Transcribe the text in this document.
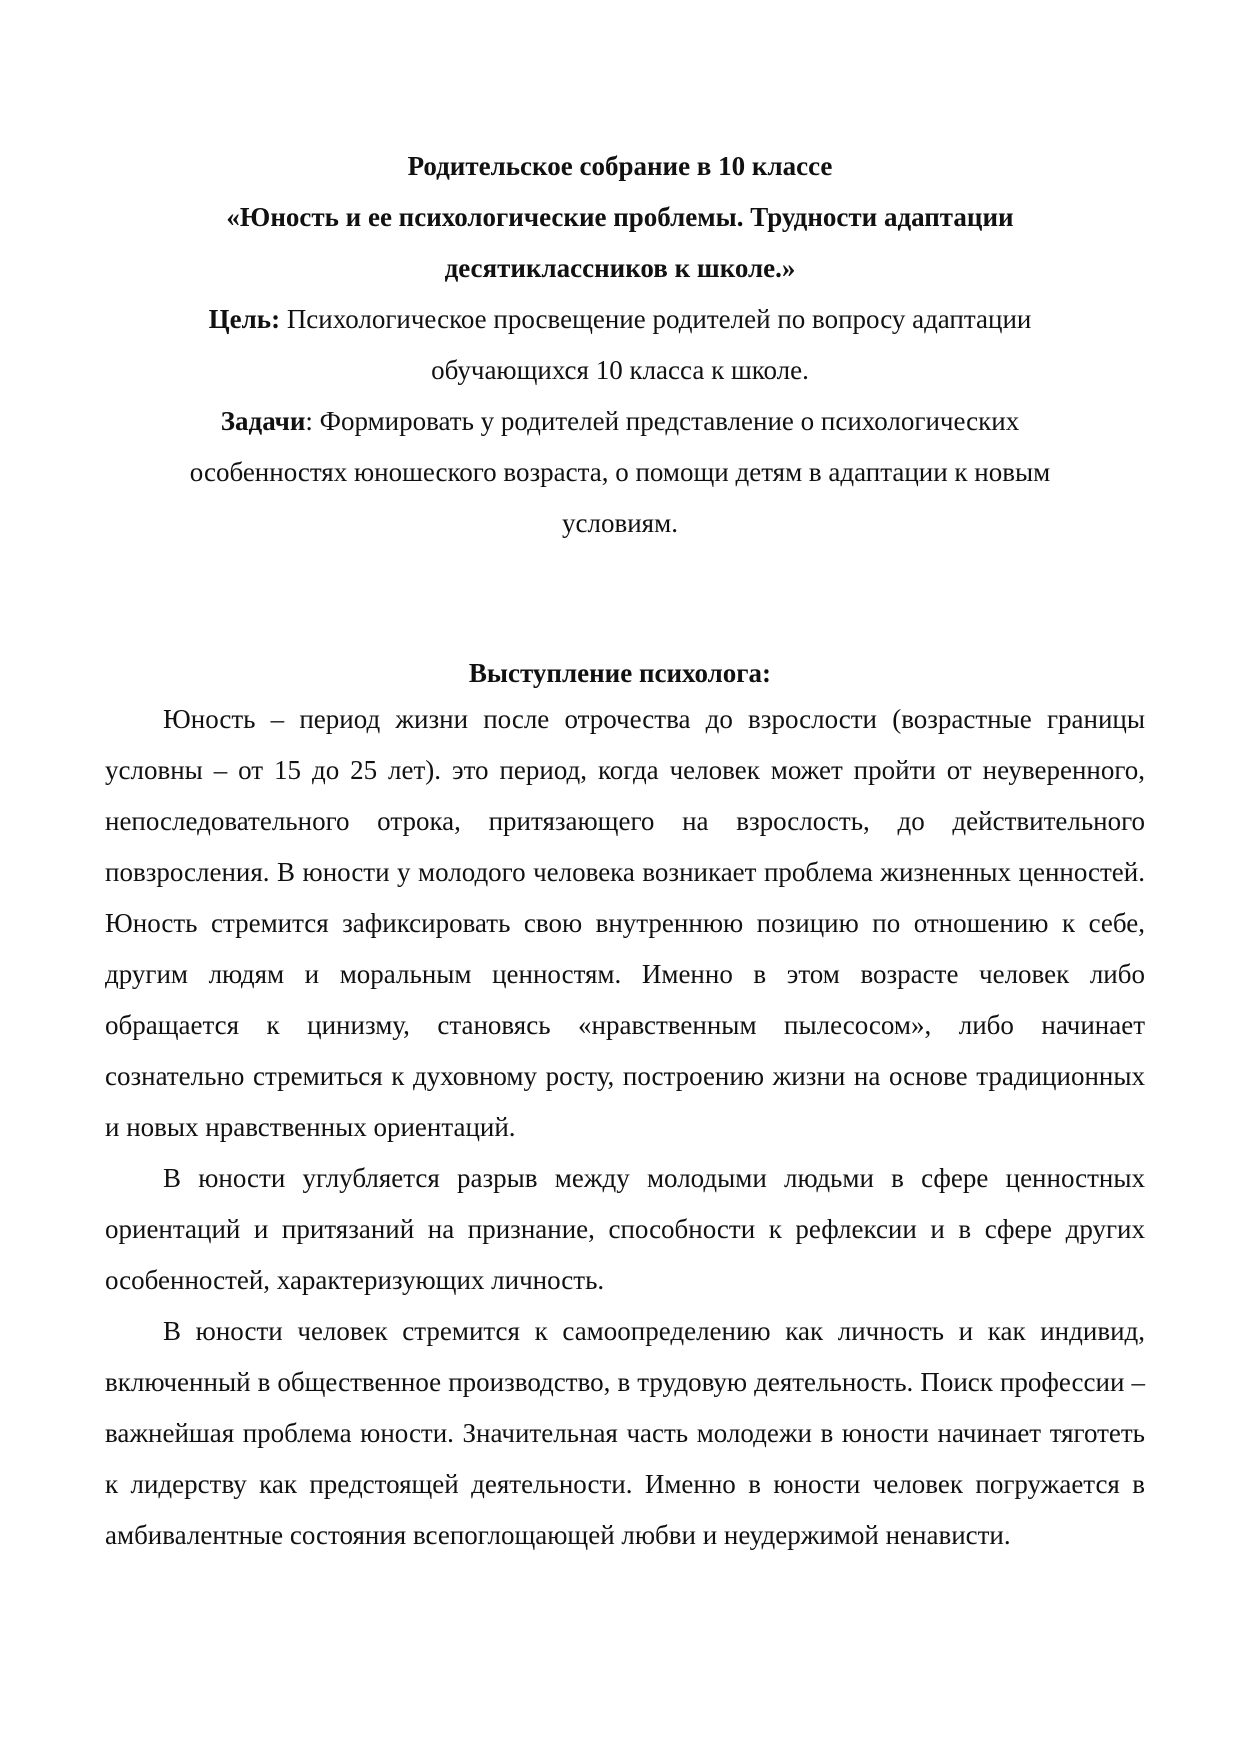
Родительское собрание в 10 классе

«Юность и ее психологические проблемы. Трудности адаптации десятиклассников к школе.»

Цель: Психологическое просвещение родителей по вопросу адаптации обучающихся 10 класса к школе.

Задачи: Формировать у родителей представление о психологических особенностях юношеского возраста, о помощи детям в адаптации к новым условиям.

Выступление психолога:

Юность – период жизни после отрочества до взрослости (возрастные границы условны – от 15 до 25 лет). это период, когда человек может пройти от неуверенного, непоследовательного отрока, притязающего на взрослость, до действительного повзросления. В юности у молодого человека возникает проблема жизненных ценностей. Юность стремится зафиксировать свою внутреннюю позицию по отношению к себе, другим людям и моральным ценностям. Именно в этом возрасте человек либо обращается к цинизму, становясь «нравственным пылесосом», либо начинает сознательно стремиться к духовному росту, построению жизни на основе традиционных и новых нравственных ориентаций.

В юности углубляется разрыв между молодыми людьми в сфере ценностных ориентаций и притязаний на признание, способности к рефлексии и в сфере других особенностей, характеризующих личность.

В юности человек стремится к самоопределению как личность и как индивид, включенный в общественное производство, в трудовую деятельность. Поиск профессии – важнейшая проблема юности. Значительная часть молодежи в юности начинает тяготеть к лидерству как предстоящей деятельности. Именно в юности человек погружается в амбивалентные состояния всепоглощающей любви и неудержимой ненависти.
